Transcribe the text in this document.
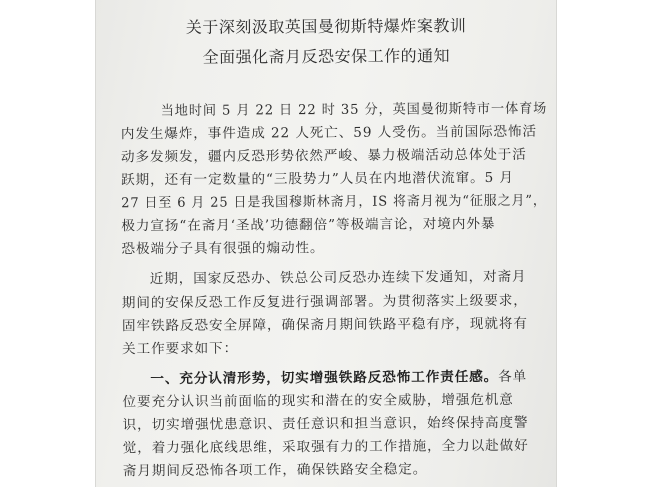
关于深刻汲取英国曼彻斯特爆炸案教训
全面强化斋月反恐安保工作的通知
当地时间 5 月 22 日 22 时 35 分，英国曼彻斯特市一体育场
内发生爆炸，事件造成 22 人死亡、59 人受伤。当前国际恐怖活
动多发频发，疆内反恐形势依然严峻、暴力极端活动总体处于活
跃期，还有一定数量的“三股势力”人员在内地潜伏流窜。5 月
27 日至 6 月 25 日是我国穆斯林斋月，IS 将斋月视为“征服之月”，
极力宣扬“在斋月‘圣战’功德翻倍”等极端言论，对境内外暴
恐极端分子具有很强的煽动性。
近期，国家反恐办、铁总公司反恐办连续下发通知，对斋月
期间的安保反恐工作反复进行强调部署。为贯彻落实上级要求，
固牢铁路反恐安全屏障，确保斋月期间铁路平稳有序，现就将有
关工作要求如下：
一、充分认清形势，切实增强铁路反恐怖工作责任感。各单
位要充分认识当前面临的现实和潜在的安全威胁，增强危机意
识，切实增强忧患意识、责任意识和担当意识，始终保持高度警
觉，着力强化底线思维，采取强有力的工作措施，全力以赴做好
斋月期间反恐怖各项工作，确保铁路安全稳定。
